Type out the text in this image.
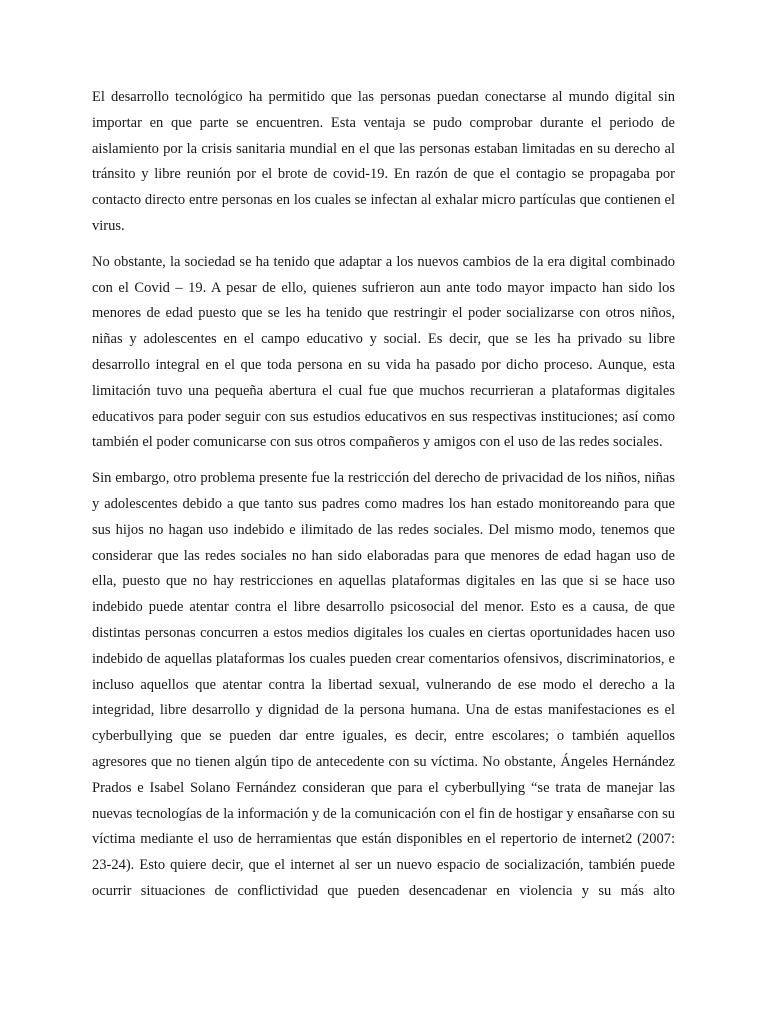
El desarrollo tecnológico ha permitido que las personas puedan conectarse al mundo digital sin importar en que parte se encuentren. Esta ventaja se pudo comprobar durante el periodo de aislamiento por la crisis sanitaria mundial en el que las personas estaban limitadas en su derecho al tránsito y libre reunión por el brote de covid-19. En razón de que el contagio se propagaba por contacto directo entre personas en los cuales se infectan al exhalar micro partículas que contienen el virus.

No obstante, la sociedad se ha tenido que adaptar a los nuevos cambios de la era digital combinado con el Covid – 19. A pesar de ello, quienes sufrieron aun ante todo mayor impacto han sido los menores de edad puesto que se les ha tenido que restringir el poder socializarse con otros niños, niñas y adolescentes en el campo educativo y social. Es decir, que se les ha privado su libre desarrollo integral en el que toda persona en su vida ha pasado por dicho proceso. Aunque, esta limitación tuvo una pequeña abertura el cual fue que muchos recurrieran a plataformas digitales educativos para poder seguir con sus estudios educativos en sus respectivas instituciones; así como también el poder comunicarse con sus otros compañeros y amigos con el uso de las redes sociales.

Sin embargo, otro problema presente fue la restricción del derecho de privacidad de los niños, niñas y adolescentes debido a que tanto sus padres como madres los han estado monitoreando para que sus hijos no hagan uso indebido e ilimitado de las redes sociales. Del mismo modo, tenemos que considerar que las redes sociales no han sido elaboradas para que menores de edad hagan uso de ella, puesto que no hay restricciones en aquellas plataformas digitales en las que si se hace uso indebido puede atentar contra el libre desarrollo psicosocial del menor. Esto es a causa, de que distintas personas concurren a estos medios digitales los cuales en ciertas oportunidades hacen uso indebido de aquellas plataformas los cuales pueden crear comentarios ofensivos, discriminatorios, e incluso aquellos que atentar contra la libertad sexual, vulnerando de ese modo el derecho a la integridad, libre desarrollo y dignidad de la persona humana. Una de estas manifestaciones es el cyberbullying que se pueden dar entre iguales, es decir, entre escolares; o también aquellos agresores que no tienen algún tipo de antecedente con su víctima. No obstante, Ángeles Hernández Prados e Isabel Solano Fernández consideran que para el cyberbullying “se trata de manejar las nuevas tecnologías de la información y de la comunicación con el fin de hostigar y ensañarse con su víctima mediante el uso de herramientas que están disponibles en el repertorio de internet2 (2007: 23-24). Esto quiere decir, que el internet al ser un nuevo espacio de socialización, también puede ocurrir situaciones de conflictividad que pueden desencadenar en violencia y su más alto
